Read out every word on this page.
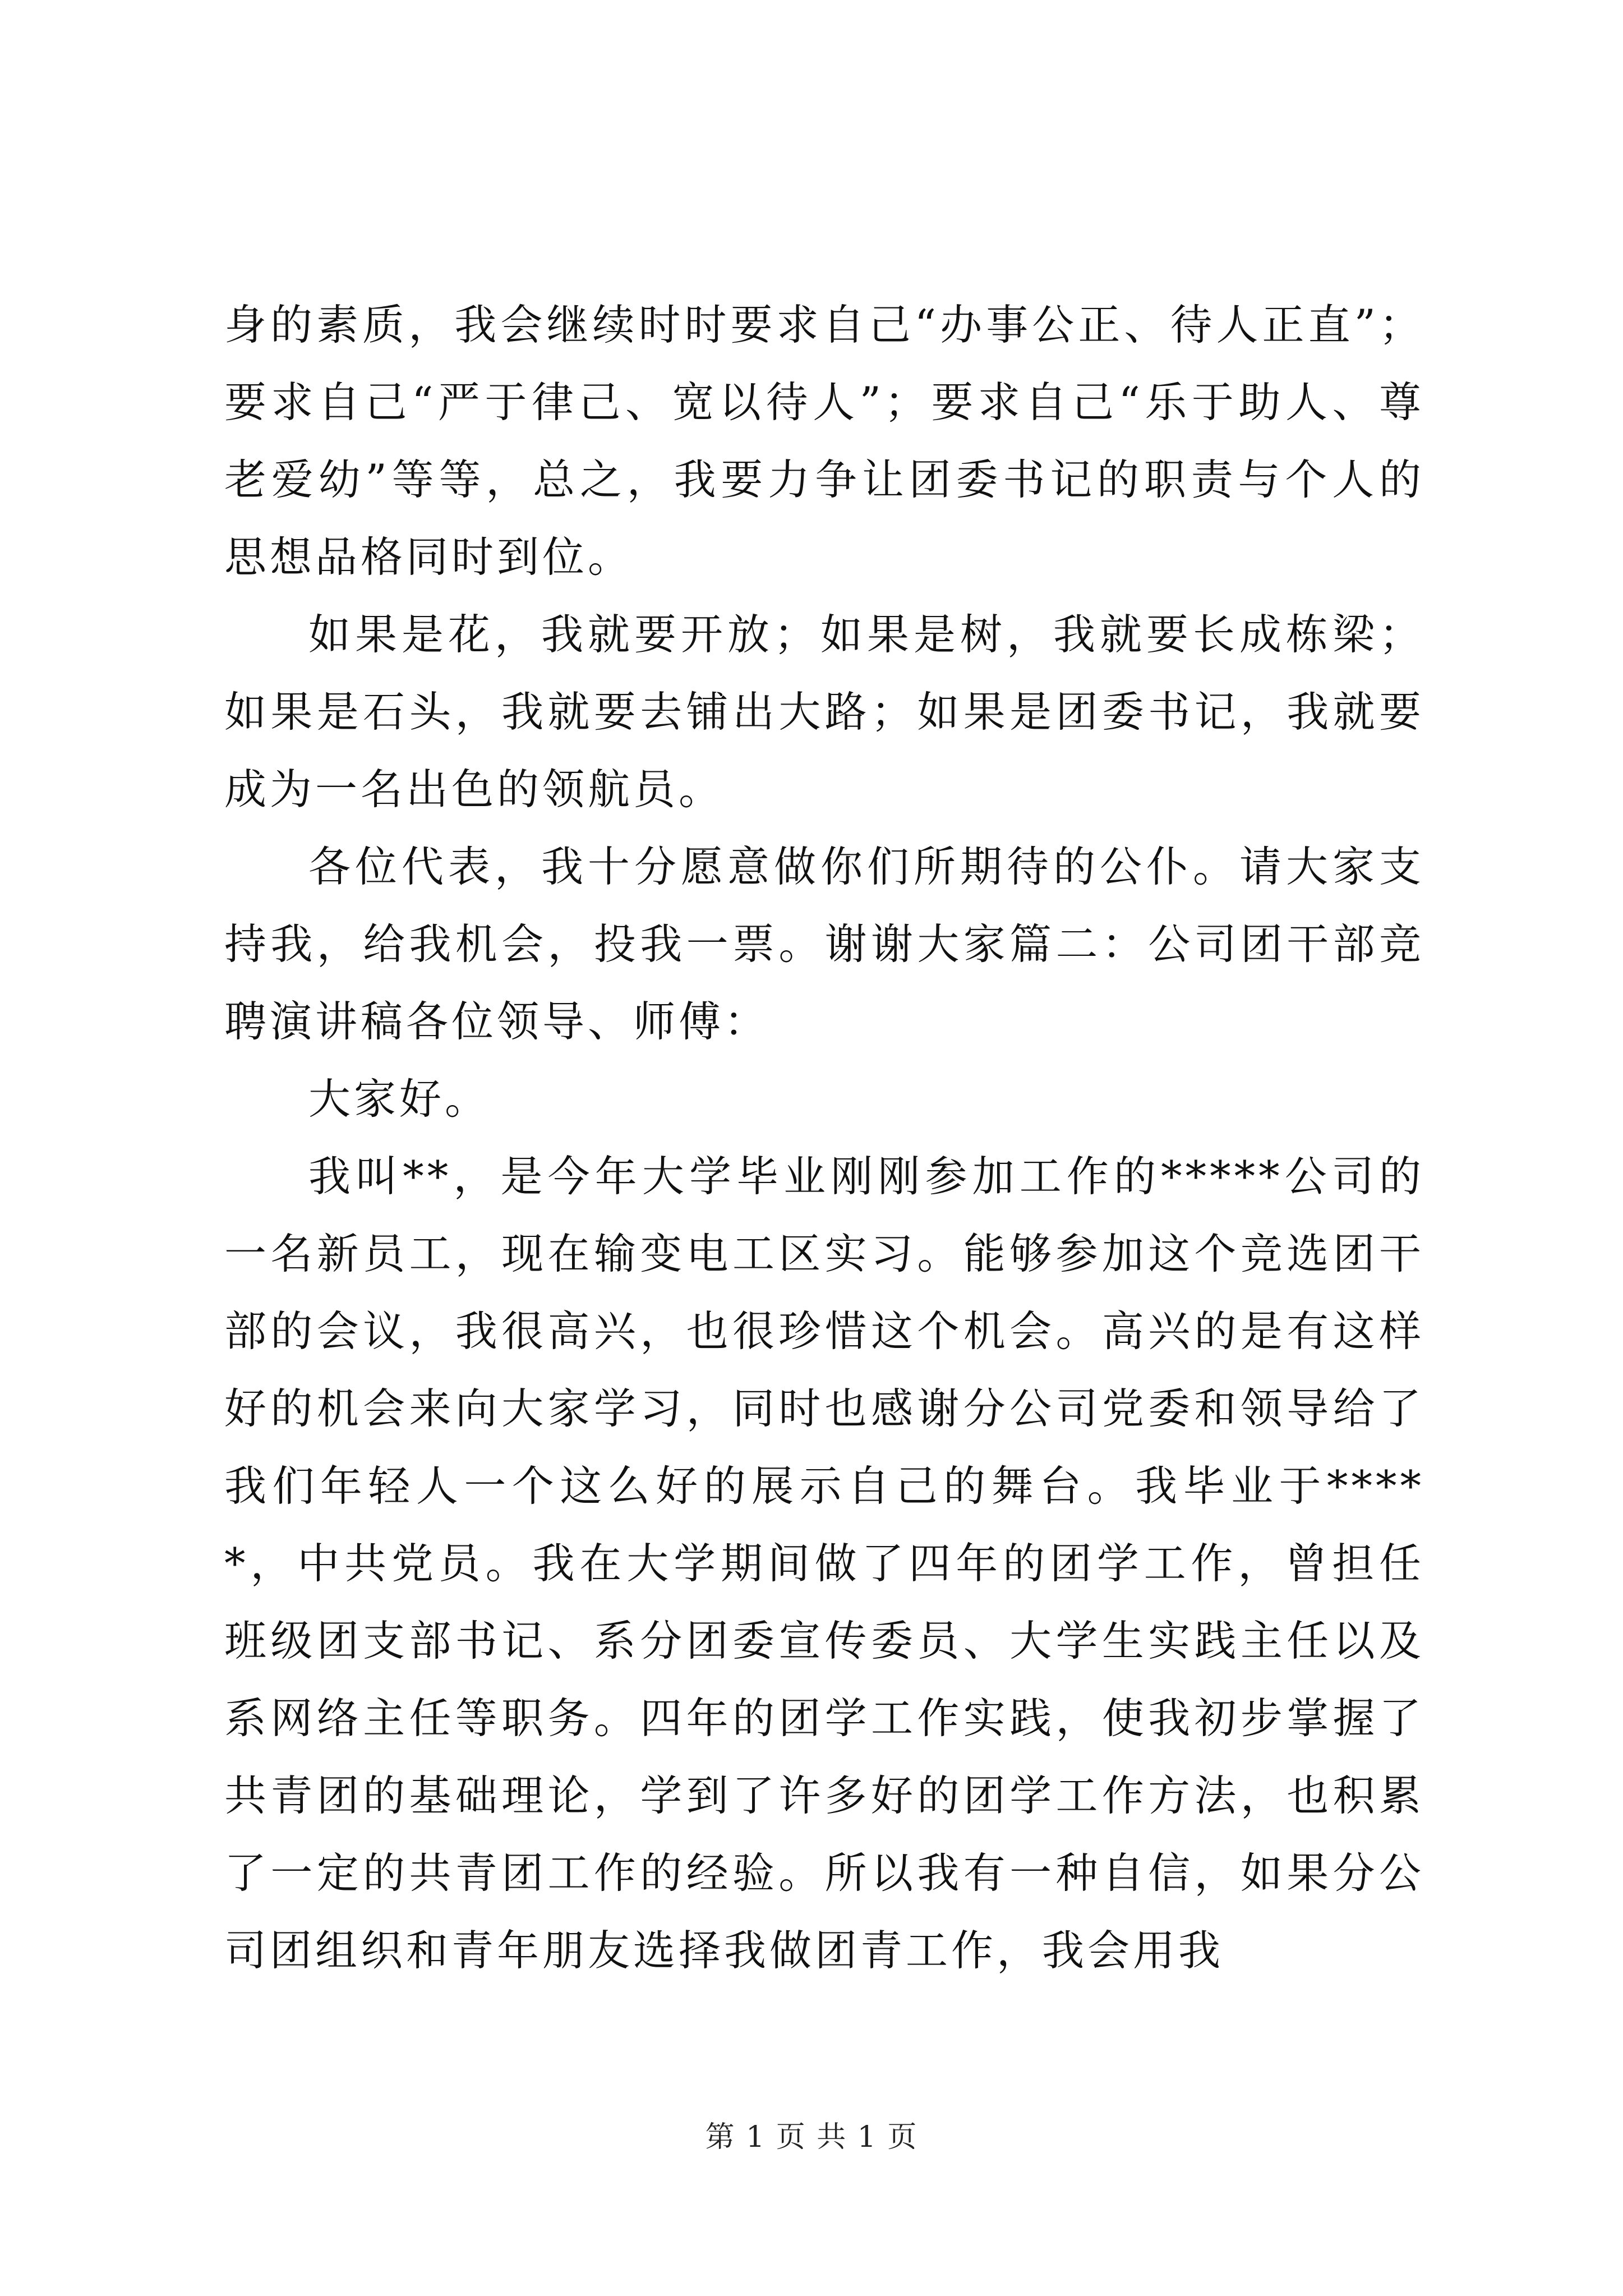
身的素质，我会继续时时要求自己“办事公正、待人正直”；要求自己“严于律己、宽以待人”；要求自己“乐于助人、尊老爱幼”等等，总之，我要力争让团委书记的职责与个人的思想品格同时到位。

如果是花，我就要开放；如果是树，我就要长成栋梁；如果是石头，我就要去铺出大路；如果是团委书记，我就要成为一名出色的领航员。

各位代表，我十分愿意做你们所期待的公仆。请大家支持我，给我机会，投我一票。谢谢大家篇二：公司团干部竞聘演讲稿各位领导、师傅：

大家好。

我叫**，是今年大学毕业刚刚参加工作的*****公司的一名新员工，现在输变电工区实习。能够参加这个竞选团干部的会议，我很高兴，也很珍惜这个机会。高兴的是有这样好的机会来向大家学习，同时也感谢分公司党委和领导给了我们年轻人一个这么好的展示自己的舞台。我毕业于*****，中共党员。我在大学期间做了四年的团学工作，曾担任班级团支部书记、系分团委宣传委员、大学生实践主任以及系网络主任等职务。四年的团学工作实践，使我初步掌握了共青团的基础理论，学到了许多好的团学工作方法，也积累了一定的共青团工作的经验。所以我有一种自信，如果分公司团组织和青年朋友选择我做团青工作，我会用我

第 1 页 共 1 页
